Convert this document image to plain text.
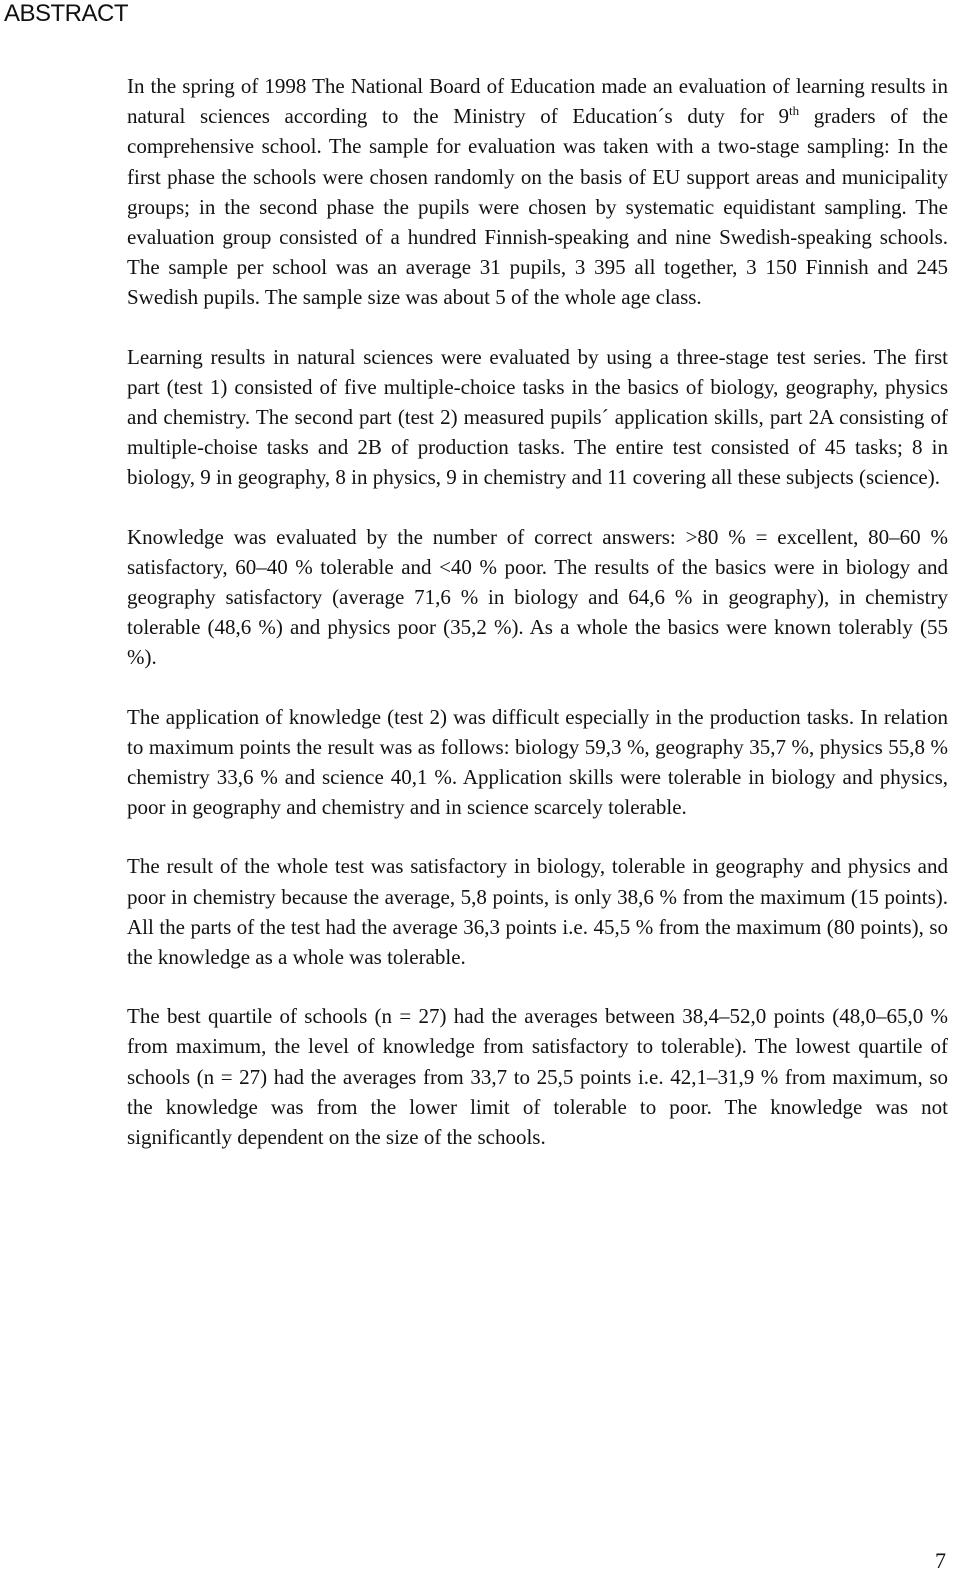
ABSTRACT

In the spring of 1998 The National Board of Education made an evaluation of learning results in natural sciences according to the Ministry of Education´s duty for 9th graders of the comprehensive school. The sample for evaluation was taken with a two-stage sampling: In the first phase the schools were chosen randomly on the basis of EU support areas and municipality groups; in the second phase the pupils were chosen by systematic equidistant sampling. The evaluation group consisted of a hundred Finnish-speaking and nine Swedish-speaking schools. The sample per school was an average 31 pupils, 3 395 all together, 3 150 Finnish and 245 Swedish pupils. The sample size was about 5 of the whole age class.

Learning results in natural sciences were evaluated by using a three-stage test series. The first part (test 1) consisted of five multiple-choice tasks in the basics of biology, geography, physics and chemistry. The second part (test 2) measured pupils´ application skills, part 2A consisting of multiple-choise tasks and 2B of production tasks. The entire test consisted of 45 tasks; 8 in biology, 9 in geography, 8 in physics, 9 in chemistry and 11 covering all these subjects (science).

Knowledge was evaluated by the number of correct answers: >80 % = excellent, 80–60 % satisfactory, 60–40 % tolerable and <40 % poor. The results of the basics were in biology and geography satisfactory (average 71,6 % in biology and 64,6 % in geography), in chemistry tolerable (48,6 %) and physics poor (35,2 %). As a whole the basics were known tolerably (55 %).

The application of knowledge (test 2) was difficult especially in the production tasks. In relation to maximum points the result was as follows: biology 59,3 %, geography 35,7 %, physics 55,8 % chemistry 33,6 % and science 40,1 %. Application skills were tolerable in biology and physics, poor in geography and chemistry and in science scarcely tolerable.

The result of the whole test was satisfactory in biology, tolerable in geography and physics and poor in chemistry because the average, 5,8 points, is only 38,6 % from the maximum (15 points). All the parts of the test had the average 36,3 points i.e. 45,5 % from the maximum (80 points), so the knowledge as a whole was tolerable.

The best quartile of schools (n = 27) had the averages between 38,4–52,0 points (48,0–65,0 % from maximum, the level of knowledge from satisfactory to tolerable). The lowest quartile of schools (n = 27) had the averages from 33,7 to 25,5 points i.e. 42,1–31,9 % from maximum, so the knowledge was from the lower limit of tolerable to poor. The knowledge was not significantly dependent on the size of the schools.

7
